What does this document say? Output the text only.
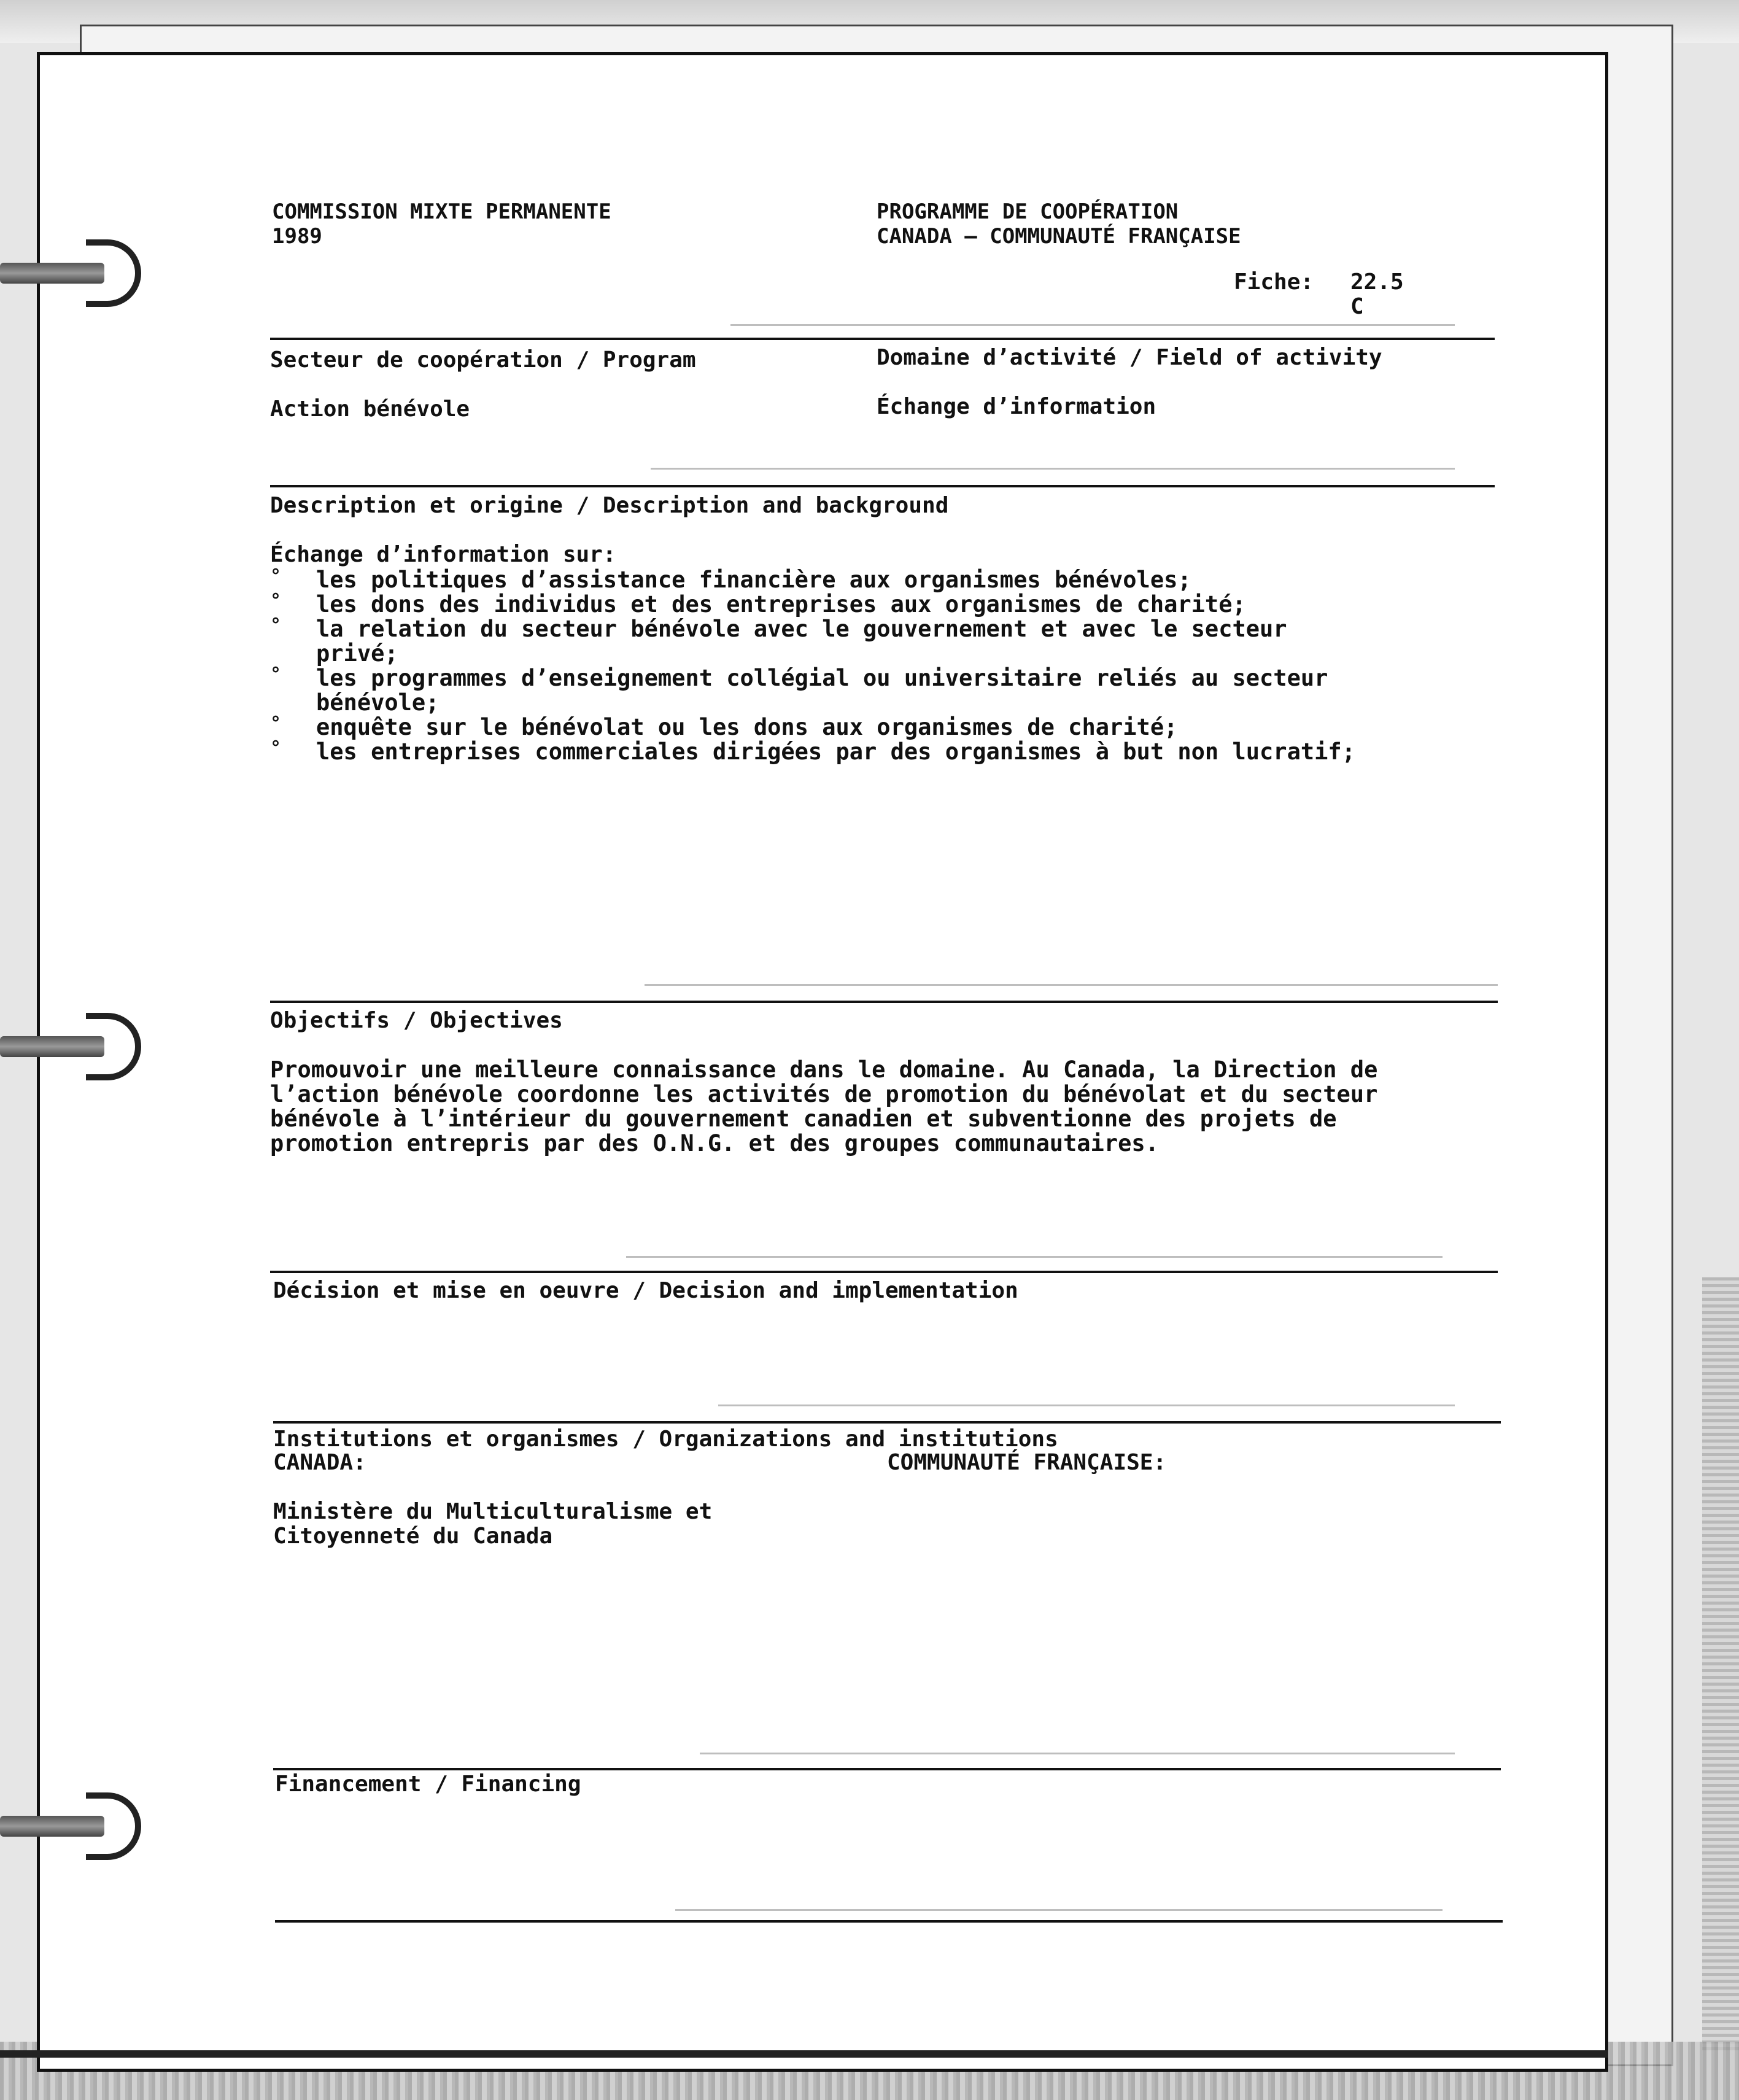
COMMISSION MIXTE PERMANENTE
1989
PROGRAMME DE COOPÉRATION
CANADA – COMMUNAUTÉ FRANÇAISE
Fiche: 22.5
C
Secteur de coopération / Program	Domaine d’activité / Field of activity
Action bénévole	Échange d’information
Description et origine / Description and background
Échange d’information sur:
° les politiques d’assistance financière aux organismes bénévoles;
° les dons des individus et des entreprises aux organismes de charité;
° la relation du secteur bénévole avec le gouvernement et avec le secteur
privé;
° les programmes d’enseignement collégial ou universitaire reliés au secteur
bénévole;
° enquête sur le bénévolat ou les dons aux organismes de charité;
° les entreprises commerciales dirigées par des organismes à but non lucratif;
Objectifs / Objectives
Promouvoir une meilleure connaissance dans le domaine. Au Canada, la Direction de
l’action bénévole coordonne les activités de promotion du bénévolat et du secteur
bénévole à l’intérieur du gouvernement canadien et subventionne des projets de
promotion entrepris par des O.N.G. et des groupes communautaires.
Décision et mise en oeuvre / Decision and implementation
Institutions et organismes / Organizations and institutions
CANADA:	COMMUNAUTÉ FRANÇAISE:
Ministère du Multiculturalisme et
Citoyenneté du Canada
Financement / Financing
